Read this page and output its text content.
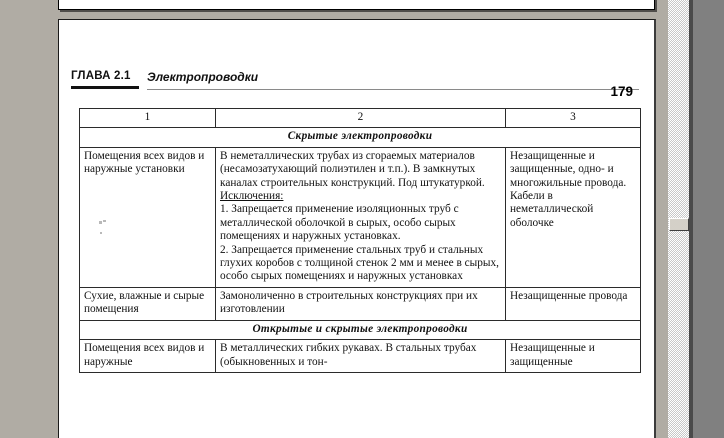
ГЛАВА 2.1 Электропроводки
179
1	2	3
Скрытые электропроводки		
Помещения всех видов и наружные установки	В неметаллических трубах из сгораемых материалов (несамозатухающий полиэтилен и т.п.). В замкнутых каналах строительных конструкций. Под штукатуркой.

Исключения:

1. Запрещается применение изоляционных труб с металлической оболочкой в сырых, особо сырых помещениях и наружных установках.

2. Запрещается применение стальных труб и стальных глухих коробов с толщиной стенок 2 мм и менее в сырых, особо сырых помещениях и наружных установках	Незащищенные и защищенные, одно- и многожильные провода. Кабели в неметаллической оболочке
Сухие, влажные и сырые помещения	Замоноличенно в строительных конструкциях при их изготовлении	Незащищенные провода
Открытые и скрытые электропроводки		
Помещения всех видов и наружные	В металлических гибких рукавах. В стальных трубах (обыкновенных и тон-	Незащищенные и защищенные
